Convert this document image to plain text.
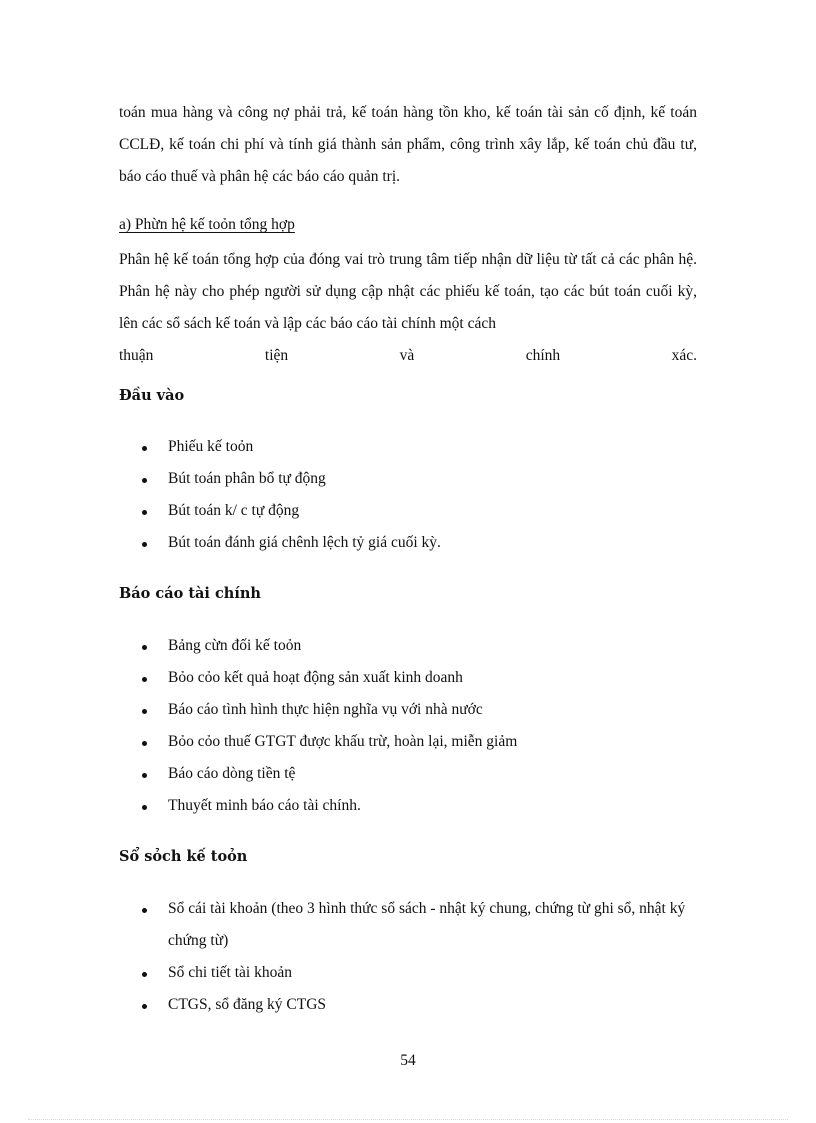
toán mua hàng và công nợ phải trả, kế toán hàng tồn kho, kế toán tài sản cố định, kế toán CCLĐ, kế toán chi phí và tính giá thành sản phẩm, công trình xây lắp, kế toán chủ đầu tư, báo cáo thuế và phân hệ các báo cáo quản trị.

a) Phừn hệ kế toỏn tổng hợp

Phân hệ kế toán tổng hợp của đóng vai trò trung tâm tiếp nhận dữ liệu từ tất cả các phân hệ. Phân hệ này cho phép người sử dụng cập nhật các phiếu kế toán, tạo các bút toán cuối kỳ, lên các sổ sách kế toán và lập các báo cáo tài chính một cách
thuận tiện và chính xác.

Đầu vào

Phiếu kế toỏn
Bút toán phân bổ tự động
Bút toán k/ c tự động
Bút toán đánh giá chênh lệch tỷ giá cuối kỳ.

Báo cáo tài chính

Bảng cừn đối kế toỏn
Bỏo cỏo kết quả hoạt động sản xuất kinh doanh
Báo cáo tình hình thực hiện nghĩa vụ với nhà nước
Bỏo cỏo thuế GTGT được khấu trừ, hoàn lại, miễn giảm
Báo cáo dòng tiền tệ
Thuyết minh báo cáo tài chính.

Sổ sỏch kế toỏn

Sổ cái tài khoản (theo 3 hình thức sổ sách - nhật ký chung, chứng từ ghi sổ, nhật ký chứng từ)
Sổ chi tiết tài khoản
CTGS, sổ đăng ký CTGS
54
